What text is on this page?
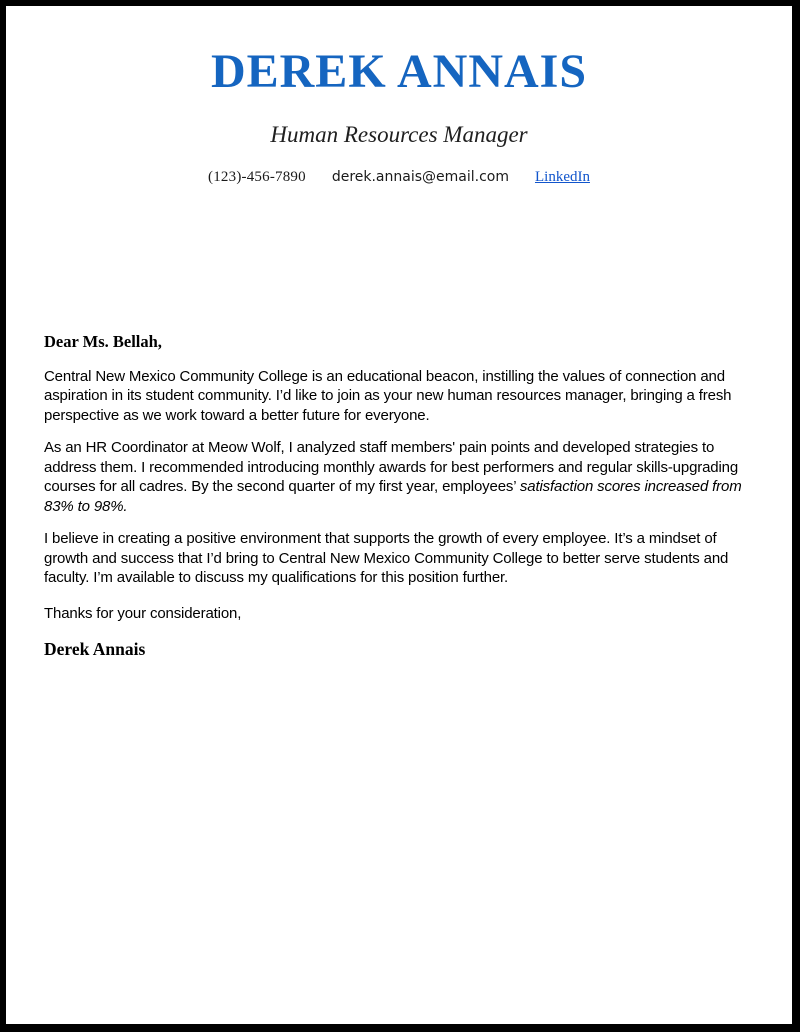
DEREK ANNAIS
Human Resources Manager
(123)-456-7890 derek.annais@email.com LinkedIn

Dear Ms. Bellah,

Central New Mexico Community College is an educational beacon, instilling the values of connection and aspiration in its student community. I’d like to join as your new human resources manager, bringing a fresh perspective as we work toward a better future for everyone.

As an HR Coordinator at Meow Wolf, I analyzed staff members' pain points and developed strategies to address them. I recommended introducing monthly awards for best performers and regular skills-upgrading courses for all cadres. By the second quarter of my first year, employees’ satisfaction scores increased from 83% to 98%.

I believe in creating a positive environment that supports the growth of every employee. It’s a mindset of growth and success that I’d bring to Central New Mexico Community College to better serve students and faculty. I’m available to discuss my qualifications for this position further.

Thanks for your consideration,

Derek Annais
